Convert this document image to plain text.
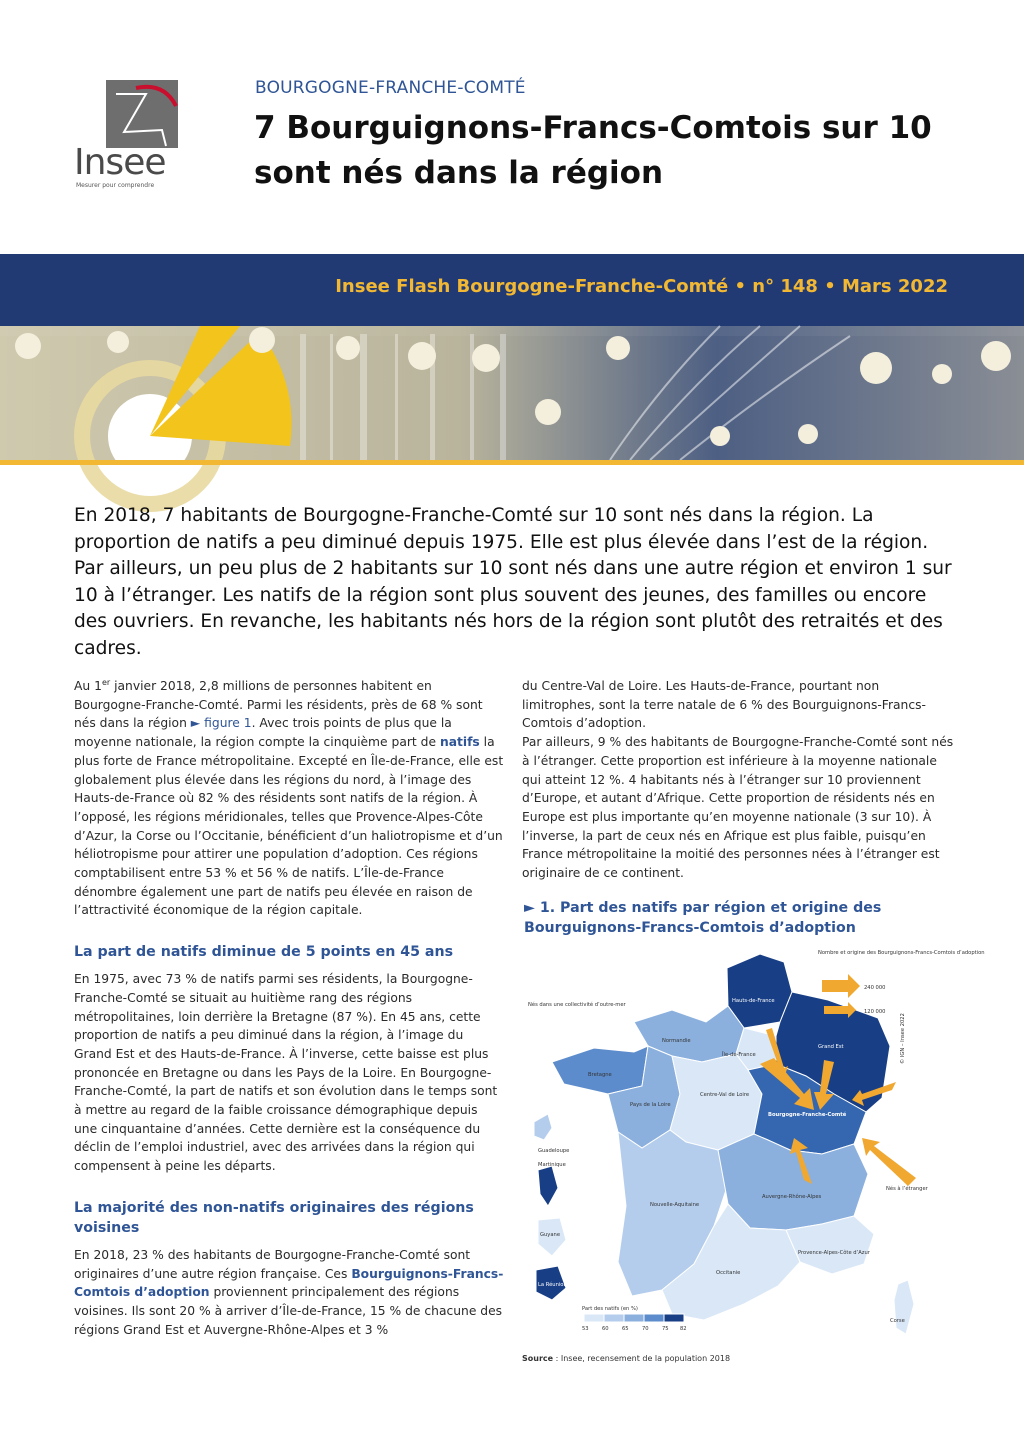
Insee
Mesurer pour comprendre
BOURGOGNE-FRANCHE-COMTÉ
7 Bourguignons-Francs-Comtois sur 10
sont nés dans la région
Insee Flash Bourgogne-Franche-Comté • n° 148 • Mars 2022

En 2018, 7 habitants de Bourgogne-Franche-Comté sur 10 sont nés dans la région. La proportion de natifs a peu diminué depuis 1975. Elle est plus élevée dans l’est de la région. Par ailleurs, un peu plus de 2 habitants sur 10 sont nés dans une autre région et environ 1 sur 10 à l’étranger. Les natifs de la région sont plus souvent des jeunes, des familles ou encore des ouvriers. En revanche, les habitants nés hors de la région sont plutôt des retraités et des cadres.

Au 1er janvier 2018, 2,8 millions de personnes habitent en Bourgogne-Franche-Comté. Parmi les résidents, près de 68 % sont nés dans la région ► figure 1. Avec trois points de plus que la moyenne nationale, la région compte la cinquième part de natifs la plus forte de France métropolitaine. Excepté en Île-de-France, elle est globalement plus élevée dans les régions du nord, à l’image des Hauts-de-France où 82 % des résidents sont natifs de la région. À l’opposé, les régions méridionales, telles que Provence-Alpes-Côte d’Azur, la Corse ou l’Occitanie, bénéficient d’un haliotropisme et d’un héliotropisme pour attirer une population d’adoption. Ces régions comptabilisent entre 53 % et 56 % de natifs. L’Île-de-France dénombre également une part de natifs peu élevée en raison de l’attractivité économique de la région capitale.

La part de natifs diminue de 5 points en 45 ans

En 1975, avec 73 % de natifs parmi ses résidents, la Bourgogne-Franche-Comté se situait au huitième rang des régions métropolitaines, loin derrière la Bretagne (87 %). En 45 ans, cette proportion de natifs a peu diminué dans la région, à l’image du Grand Est et des Hauts-de-France. À l’inverse, cette baisse est plus prononcée en Bretagne ou dans les Pays de la Loire. En Bourgogne-Franche-Comté, la part de natifs et son évolution dans le temps sont à mettre au regard de la faible croissance démographique depuis une cinquantaine d’années. Cette dernière est la conséquence du déclin de l’emploi industriel, avec des arrivées dans la région qui compensent à peine les départs.

La majorité des non-natifs originaires des régions voisines

En 2018, 23 % des habitants de Bourgogne-Franche-Comté sont originaires d’une autre région française. Ces Bourguignons-Francs-Comtois d’adoption proviennent principalement des régions voisines. Ils sont 20 % à arriver d’Île-de-France, 15 % de chacune des régions Grand Est et Auvergne-Rhône-Alpes et 3 %

du Centre-Val de Loire. Les Hauts-de-France, pourtant non limitrophes, sont la terre natale de 6 % des Bourguignons-Francs-Comtois d’adoption.

Par ailleurs, 9 % des habitants de Bourgogne-Franche-Comté sont nés à l’étranger. Cette proportion est inférieure à la moyenne nationale qui atteint 12 %. 4 habitants nés à l’étranger sur 10 proviennent d’Europe, et autant d’Afrique. Cette proportion de résidents nés en Europe est plus importante qu’en moyenne nationale (3 sur 10). À l’inverse, la part de ceux nés en Afrique est plus faible, puisqu’en France métropolitaine la moitié des personnes nées à l’étranger est originaire de ce continent.

► 1. Part des natifs par région et origine des Bourguignons-Francs-Comtois d’adoption
240 000
120 000
Nombre et origine des Bourguignons-Francs-Comtois d’adoption
Nés dans une collectivité d’outre-mer
Nés à l’étranger
© IGN – Insee 2022
Hauts-de-France
Normandie
Île-de-France
Grand Est
Bretagne
Pays de la Loire
Centre-Val de Loire
Bourgogne-Franche-Comté
Nouvelle-Aquitaine
Auvergne-Rhône-Alpes
Occitanie
Provence-Alpes-Côte d’Azur
Corse
Guadeloupe
Martinique
Guyane
La Réunion
Part des natifs (en %)
53	60	65	70	75 82
Source : Insee, recensement de la population 2018
